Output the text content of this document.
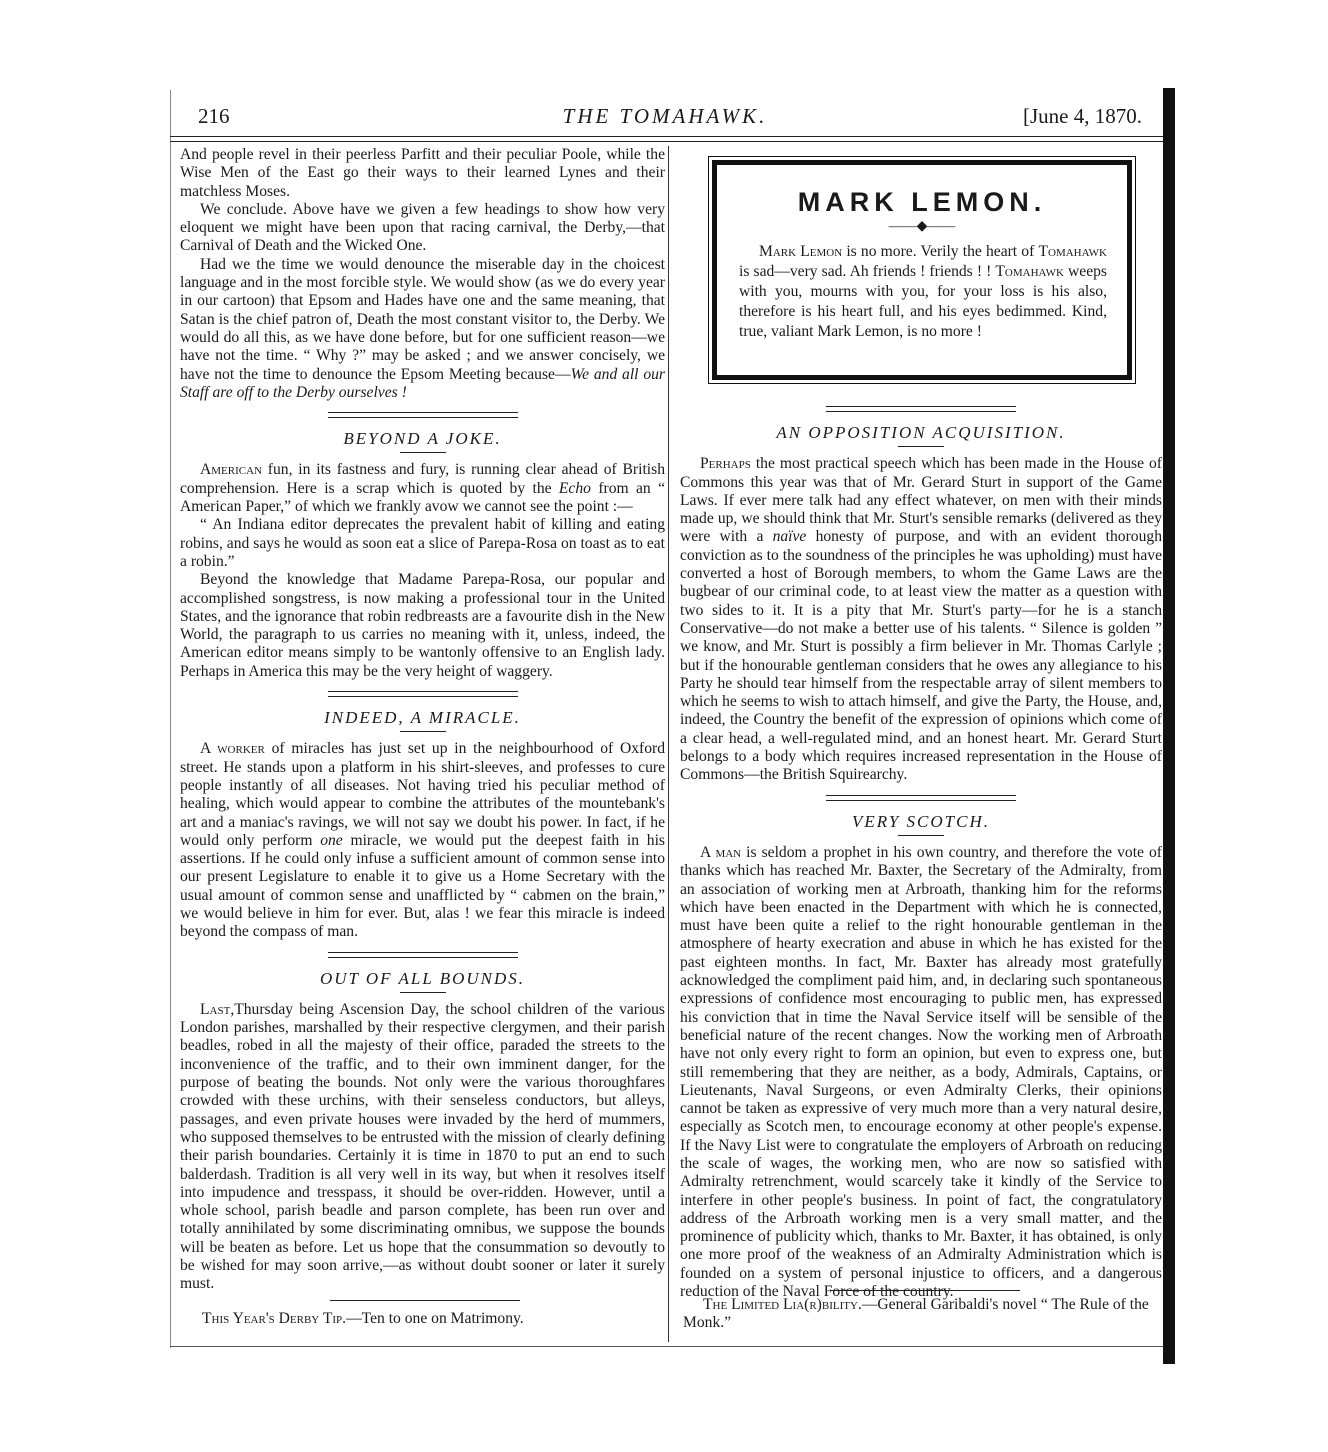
216	THE TOMAHAWK.	[June 4, 1870.

And people revel in their peerless Parfitt and their peculiar Poole, while the Wise Men of the East go their ways to their learned Lynes and their matchless Moses.

We conclude. Above have we given a few headings to show how very eloquent we might have been upon that racing carnival, the Derby,—that Carnival of Death and the Wicked One.

Had we the time we would denounce the miserable day in the choicest language and in the most forcible style. We would show (as we do every year in our cartoon) that Epsom and Hades have one and the same meaning, that Satan is the chief patron of, Death the most constant visitor to, the Derby. We would do all this, as we have done before, but for one sufficient reason—we have not the time. “ Why ?” may be asked ; and we answer concisely, we have not the time to denounce the Epsom Meeting because—We and all our Staff are off to the Derby ourselves !

BEYOND A JOKE.

American fun, in its fastness and fury, is running clear ahead of British comprehension. Here is a scrap which is quoted by the Echo from an “ American Paper,” of which we frankly avow we cannot see the point :—

“ An Indiana editor deprecates the prevalent habit of killing and eating robins, and says he would as soon eat a slice of Parepa-Rosa on toast as to eat a robin.”

Beyond the knowledge that Madame Parepa-Rosa, our popular and accomplished songstress, is now making a professional tour in the United States, and the ignorance that robin redbreasts are a favourite dish in the New World, the paragraph to us carries no meaning with it, unless, indeed, the American editor means simply to be wantonly offensive to an English lady. Perhaps in America this may be the very height of waggery.

INDEED, A MIRACLE.

A worker of miracles has just set up in the neighbourhood of Oxford street. He stands upon a platform in his shirt-sleeves, and professes to cure people instantly of all diseases. Not having tried his peculiar method of healing, which would appear to combine the attributes of the mountebank's art and a maniac's ravings, we will not say we doubt his power. In fact, if he would only perform one miracle, we would put the deepest faith in his assertions. If he could only infuse a sufficient amount of common sense into our present Legislature to enable it to give us a Home Secretary with the usual amount of common sense and unafflicted by “ cabmen on the brain,” we would believe in him for ever. But, alas ! we fear this miracle is indeed beyond the compass of man.

OUT OF ALL BOUNDS.

Last,Thursday being Ascension Day, the school children of the various London parishes, marshalled by their respective clergymen, and their parish beadles, robed in all the majesty of their office, paraded the streets to the inconvenience of the traffic, and to their own imminent danger, for the purpose of beating the bounds. Not only were the various thoroughfares crowded with these urchins, with their senseless conductors, but alleys, passages, and even private houses were invaded by the herd of mummers, who supposed themselves to be entrusted with the mission of clearly defining their parish boundaries. Certainly it is time in 1870 to put an end to such balderdash. Tradition is all very well in its way, but when it resolves itself into impudence and tresspass, it should be over-ridden. However, until a whole school, parish beadle and parson complete, has been run over and totally annihilated by some discriminating omnibus, we suppose the bounds will be beaten as before. Let us hope that the consummation so devoutly to be wished for may soon arrive,—as without doubt sooner or later it surely must.

This Year's Derby Tip.—Ten to one on Matrimony.
MARK LEMON.
——◆——

Mark Lemon is no more. Verily the heart of Tomahawk is sad—very sad. Ah friends ! friends ! ! Tomahawk weeps with you, mourns with you, for your loss is his also, therefore is his heart full, and his eyes bedimmed. Kind, true, valiant Mark Lemon, is no more !

AN OPPOSITION ACQUISITION.

Perhaps the most practical speech which has been made in the House of Commons this year was that of Mr. Gerard Sturt in support of the Game Laws. If ever mere talk had any effect whatever, on men with their minds made up, we should think that Mr. Sturt's sensible remarks (delivered as they were with a naïve honesty of purpose, and with an evident thorough conviction as to the soundness of the principles he was upholding) must have converted a host of Borough members, to whom the Game Laws are the bugbear of our criminal code, to at least view the matter as a question with two sides to it. It is a pity that Mr. Sturt's party—for he is a stanch Conservative—do not make a better use of his talents. “ Silence is golden ” we know, and Mr. Sturt is possibly a firm believer in Mr. Thomas Carlyle ; but if the honourable gentleman considers that he owes any allegiance to his Party he should tear himself from the respectable array of silent members to which he seems to wish to attach himself, and give the Party, the House, and, indeed, the Country the benefit of the expression of opinions which come of a clear head, a well-regulated mind, and an honest heart. Mr. Gerard Sturt belongs to a body which requires increased representation in the House of Commons—the British Squirearchy.

VERY SCOTCH.

A man is seldom a prophet in his own country, and therefore the vote of thanks which has reached Mr. Baxter, the Secretary of the Admiralty, from an association of working men at Arbroath, thanking him for the reforms which have been enacted in the Department with which he is connected, must have been quite a relief to the right honourable gentleman in the atmosphere of hearty execration and abuse in which he has existed for the past eighteen months. In fact, Mr. Baxter has already most gratefully acknowledged the compliment paid him, and, in declaring such spontaneous expressions of confidence most encouraging to public men, has expressed his conviction that in time the Naval Service itself will be sensible of the beneficial nature of the recent changes. Now the working men of Arbroath have not only every right to form an opinion, but even to express one, but still remembering that they are neither, as a body, Admirals, Captains, or Lieutenants, Naval Surgeons, or even Admiralty Clerks, their opinions cannot be taken as expressive of very much more than a very natural desire, especially as Scotch men, to encourage economy at other people's expense. If the Navy List were to congratulate the employers of Arbroath on reducing the scale of wages, the working men, who are now so satisfied with Admiralty retrenchment, would scarcely take it kindly of the Service to interfere in other people's business. In point of fact, the congratulatory address of the Arbroath working men is a very small matter, and the prominence of publicity which, thanks to Mr. Baxter, it has obtained, is only one more proof of the weakness of an Admiralty Administration which is founded on a system of personal injustice to officers, and a dangerous reduction of the Naval Force of the country.

The Limited Lia(r)bility.—General Garibaldi's novel “ The Rule of the Monk.”
